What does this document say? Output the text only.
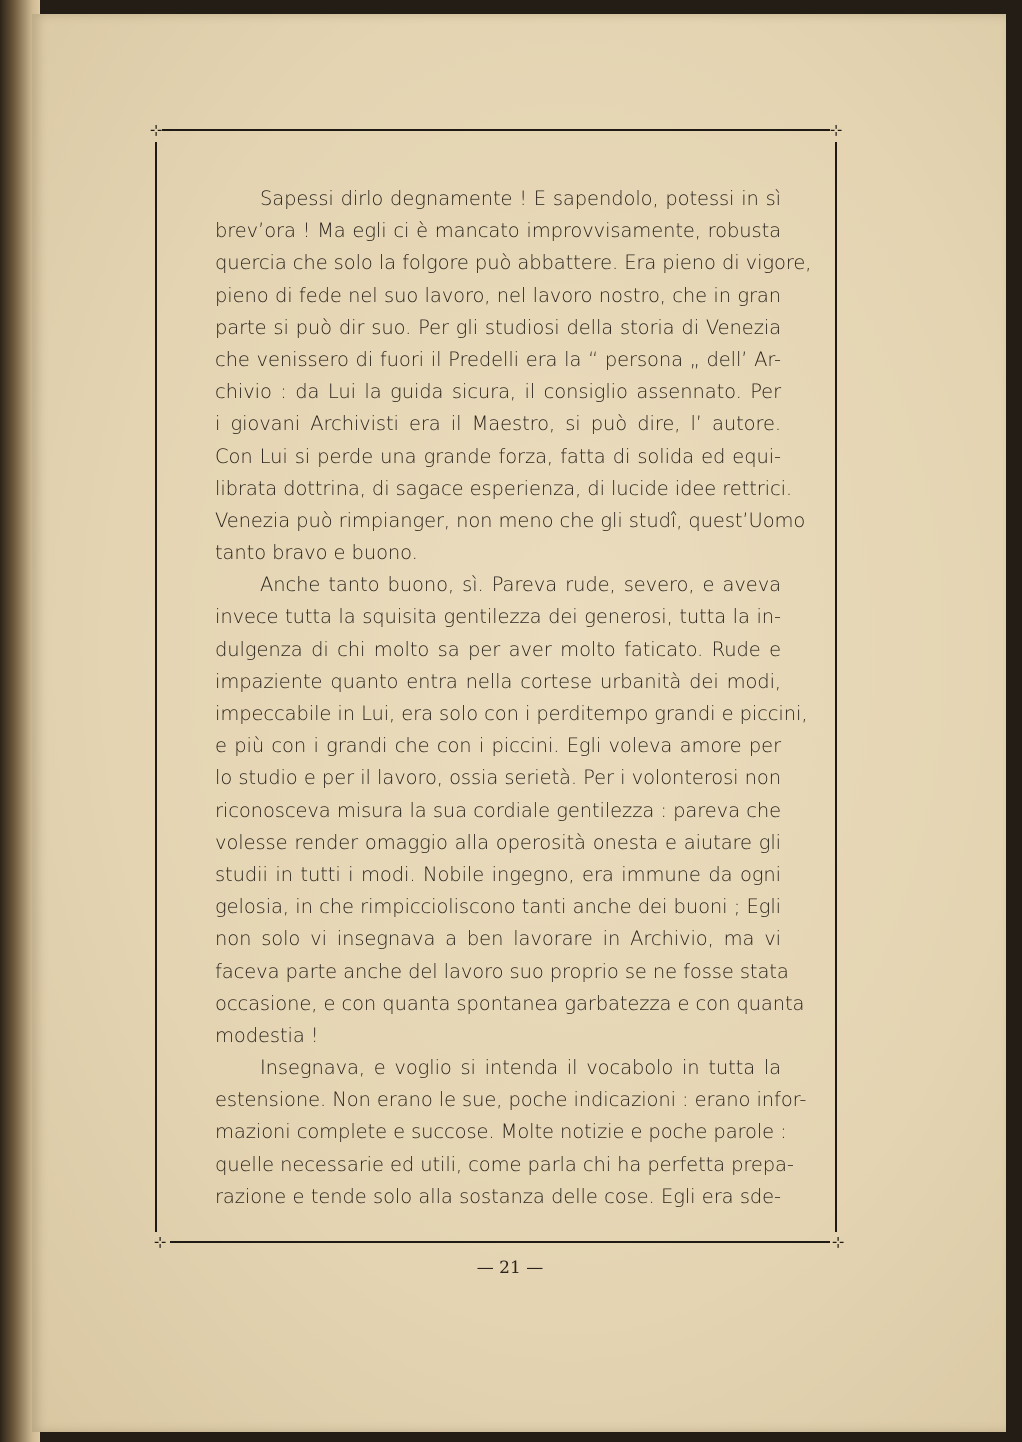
⊹	⊹
⊹	⊹
Sapessi dirlo degnamente ! E sapendolo, potessi in sì
brev’ora ! Ma egli ci è mancato improvvisamente, robusta
quercia che solo la folgore può abbattere. Era pieno di vigore,
pieno di fede nel suo lavoro, nel lavoro nostro, che in gran
parte si può dir suo. Per gli studiosi della storia di Venezia
che venissero di fuori il Predelli era la “ persona „ dell’ Ar-
chivio : da Lui la guida sicura, il consiglio assennato. Per
i giovani Archivisti era il Maestro, si può dire, l’ autore.
Con Lui si perde una grande forza, fatta di solida ed equi-
librata dottrina, di sagace esperienza, di lucide idee rettrici.
Venezia può rimpianger, non meno che gli studî, quest’Uomo
tanto bravo e buono.
Anche tanto buono, sì. Pareva rude, severo, e aveva
invece tutta la squisita gentilezza dei generosi, tutta la in-
dulgenza di chi molto sa per aver molto faticato. Rude e
impaziente quanto entra nella cortese urbanità dei modi,
impeccabile in Lui, era solo con i perditempo grandi e piccini,
e più con i grandi che con i piccini. Egli voleva amore per
lo studio e per il lavoro, ossia serietà. Per i volonterosi non
riconosceva misura la sua cordiale gentilezza : pareva che
volesse render omaggio alla operosità onesta e aiutare gli
studii in tutti i modi. Nobile ingegno, era immune da ogni
gelosia, in che rimpiccioliscono tanti anche dei buoni ; Egli
non solo vi insegnava a ben lavorare in Archivio, ma vi
faceva parte anche del lavoro suo proprio se ne fosse stata
occasione, e con quanta spontanea garbatezza e con quanta
modestia !
Insegnava, e voglio si intenda il vocabolo in tutta la
estensione. Non erano le sue, poche indicazioni : erano infor-
mazioni complete e succose. Molte notizie e poche parole :
quelle necessarie ed utili, come parla chi ha perfetta prepa-
razione e tende solo alla sostanza delle cose. Egli era sde-
— 21 —
